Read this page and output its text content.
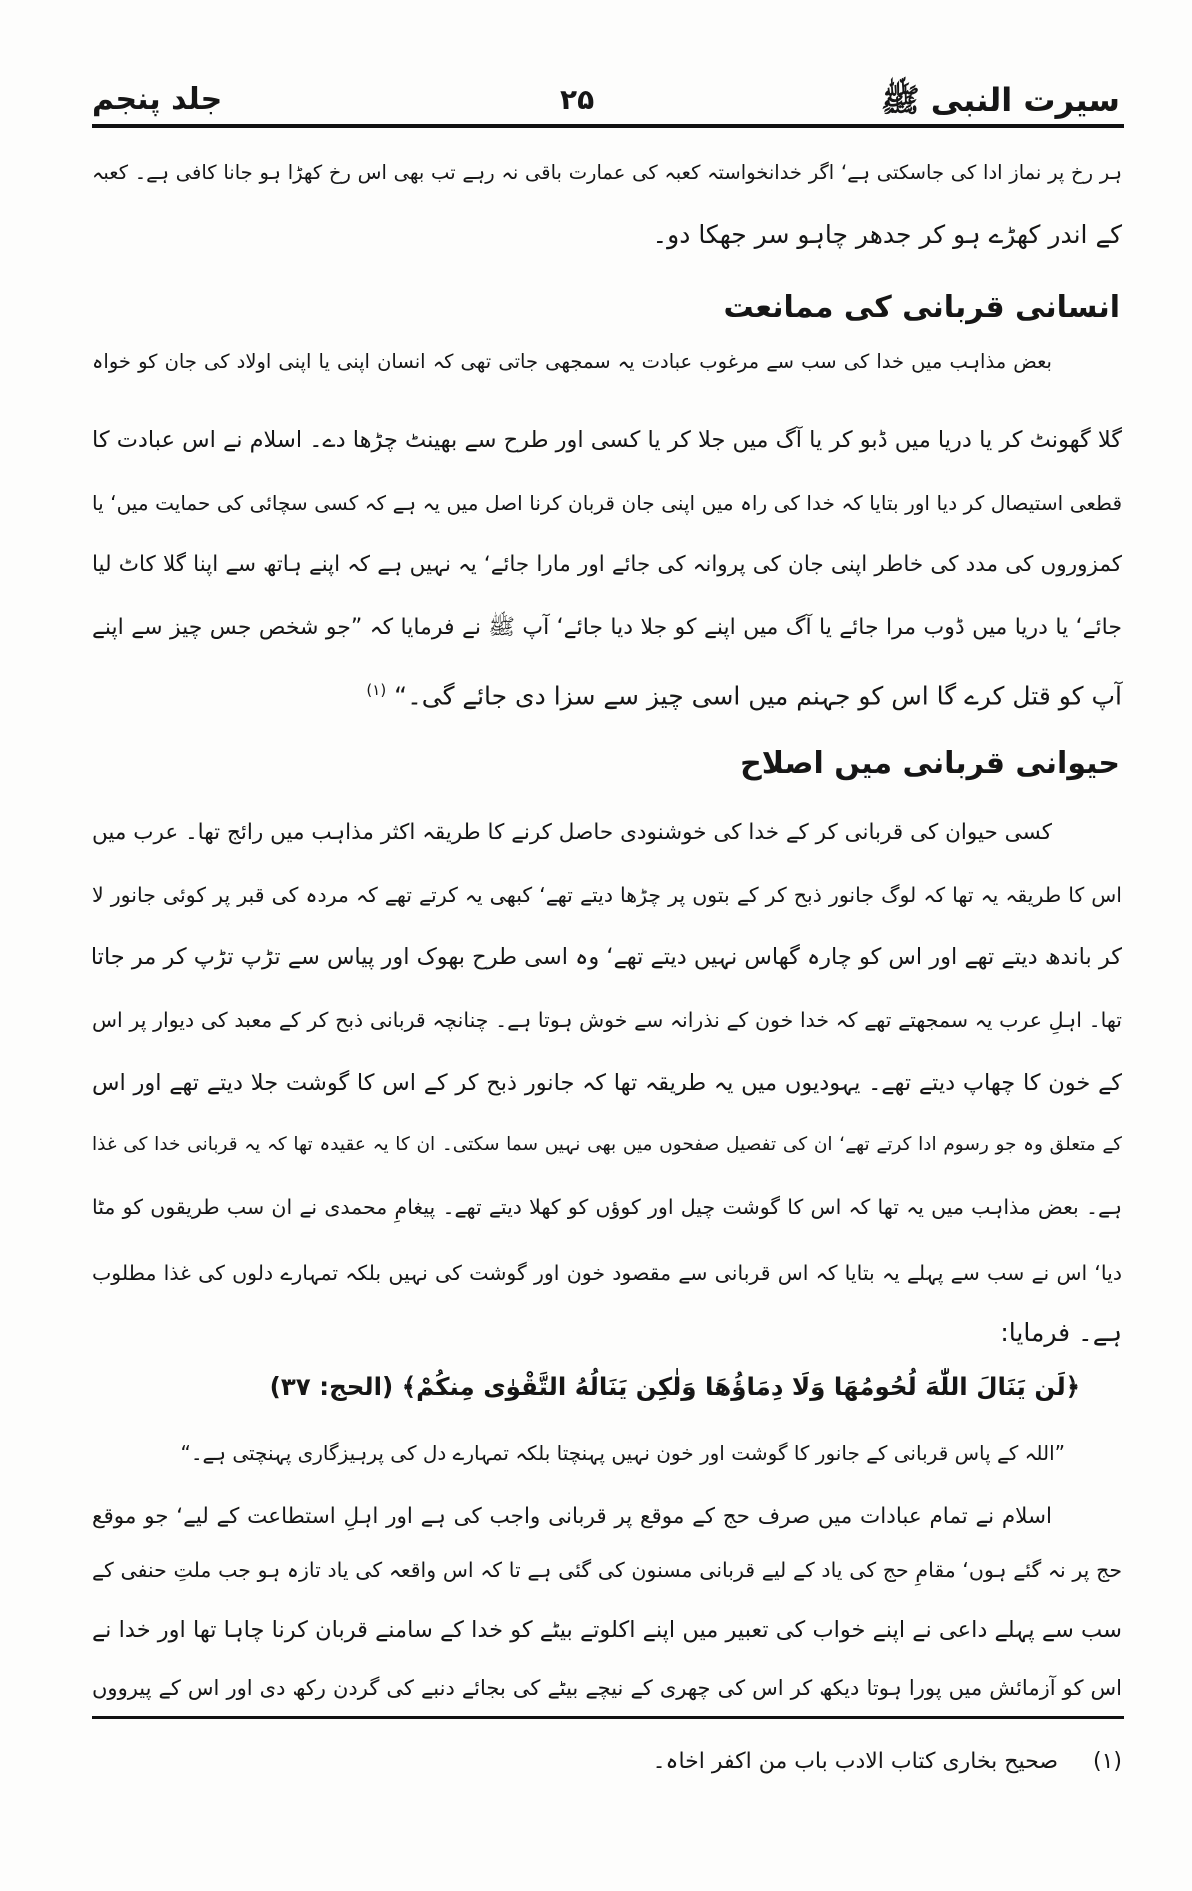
سیرت النبی ﷺ
۲۵
جلد پنجم
ہر رخ پر نماز ادا کی جاسکتی ہے‘ اگر خدانخواستہ کعبہ کی عمارت باقی نہ رہے تب بھی اس رخ کھڑا ہو جانا کافی ہے۔ کعبہ
کے اندر کھڑے ہو کر جدھر چاہو سر جھکا دو۔
انسانی قربانی کی ممانعت
بعض مذاہب میں خدا کی سب سے مرغوب عبادت یہ سمجھی جاتی تھی کہ انسان اپنی یا اپنی اولاد کی جان کو خواہ
گلا گھونٹ کر یا دریا میں ڈبو کر یا آگ میں جلا کر یا کسی اور طرح سے بھینٹ چڑھا دے۔ اسلام نے اس عبادت کا
قطعی استیصال کر دیا اور بتایا کہ خدا کی راہ میں اپنی جان قربان کرنا اصل میں یہ ہے کہ کسی سچائی کی حمایت میں‘ یا
کمزوروں کی مدد کی خاطر اپنی جان کی پروانہ کی جائے اور مارا جائے‘ یہ نہیں ہے کہ اپنے ہاتھ سے اپنا گلا کاٹ لیا
جائے‘ یا دریا میں ڈوب مرا جائے یا آگ میں اپنے کو جلا دیا جائے‘ آپ ﷺ نے فرمایا کہ ”جو شخص جس چیز سے اپنے
آپ کو قتل کرے گا اس کو جہنم میں اسی چیز سے سزا دی جائے گی۔“ $^{(۱)}$
حیوانی قربانی میں اصلاح
کسی حیوان کی قربانی کر کے خدا کی خوشنودی حاصل کرنے کا طریقہ اکثر مذاہب میں رائج تھا۔ عرب میں
اس کا طریقہ یہ تھا کہ لوگ جانور ذبح کر کے بتوں پر چڑھا دیتے تھے‘ کبھی یہ کرتے تھے کہ مردہ کی قبر پر کوئی جانور لا
کر باندھ دیتے تھے اور اس کو چارہ گھاس نہیں دیتے تھے‘ وہ اسی طرح بھوک اور پیاس سے تڑپ تڑپ کر مر جاتا
تھا۔ اہلِ عرب یہ سمجھتے تھے کہ خدا خون کے نذرانہ سے خوش ہوتا ہے۔ چنانچہ قربانی ذبح کر کے معبد کی دیوار پر اس
کے خون کا چھاپ دیتے تھے۔ یہودیوں میں یہ طریقہ تھا کہ جانور ذبح کر کے اس کا گوشت جلا دیتے تھے اور اس
کے متعلق وہ جو رسوم ادا کرتے تھے‘ ان کی تفصیل صفحوں میں بھی نہیں سما سکتی۔ ان کا یہ عقیدہ تھا کہ یہ قربانی خدا کی غذا
ہے۔ بعض مذاہب میں یہ تھا کہ اس کا گوشت چیل اور کوؤں کو کھلا دیتے تھے۔ پیغامِ محمدی نے ان سب طریقوں کو مٹا
دیا‘ اس نے سب سے پہلے یہ بتایا کہ اس قربانی سے مقصود خون اور گوشت کی نہیں بلکہ تمہارے دلوں کی غذا مطلوب
ہے۔ فرمایا:
﴿لَن يَنَالَ اللّٰهَ لُحُومُهَا وَلَا دِمَاؤُهَا وَلٰكِن يَنَالُهُ التَّقْوٰى مِنكُمْ﴾ (الحج: ۳۷)
”اللہ کے پاس قربانی کے جانور کا گوشت اور خون نہیں پہنچتا بلکہ تمہارے دل کی پرہیزگاری پہنچتی ہے۔“
اسلام نے تمام عبادات میں صرف حج کے موقع پر قربانی واجب کی ہے اور اہلِ استطاعت کے لیے‘ جو موقع
حج پر نہ گئے ہوں‘ مقامِ حج کی یاد کے لیے قربانی مسنون کی گئی ہے تا کہ اس واقعہ کی یاد تازہ ہو جب ملتِ حنفی کے
سب سے پہلے داعی نے اپنے خواب کی تعبیر میں اپنے اکلوتے بیٹے کو خدا کے سامنے قربان کرنا چاہا تھا اور خدا نے
اس کو آزمائش میں پورا ہوتا دیکھ کر اس کی چھری کے نیچے بیٹے کی بجائے دنبے کی گردن رکھ دی اور اس کے پیرووں
(۱)     صحیح بخاری کتاب الادب باب من اکفر اخاہ۔
